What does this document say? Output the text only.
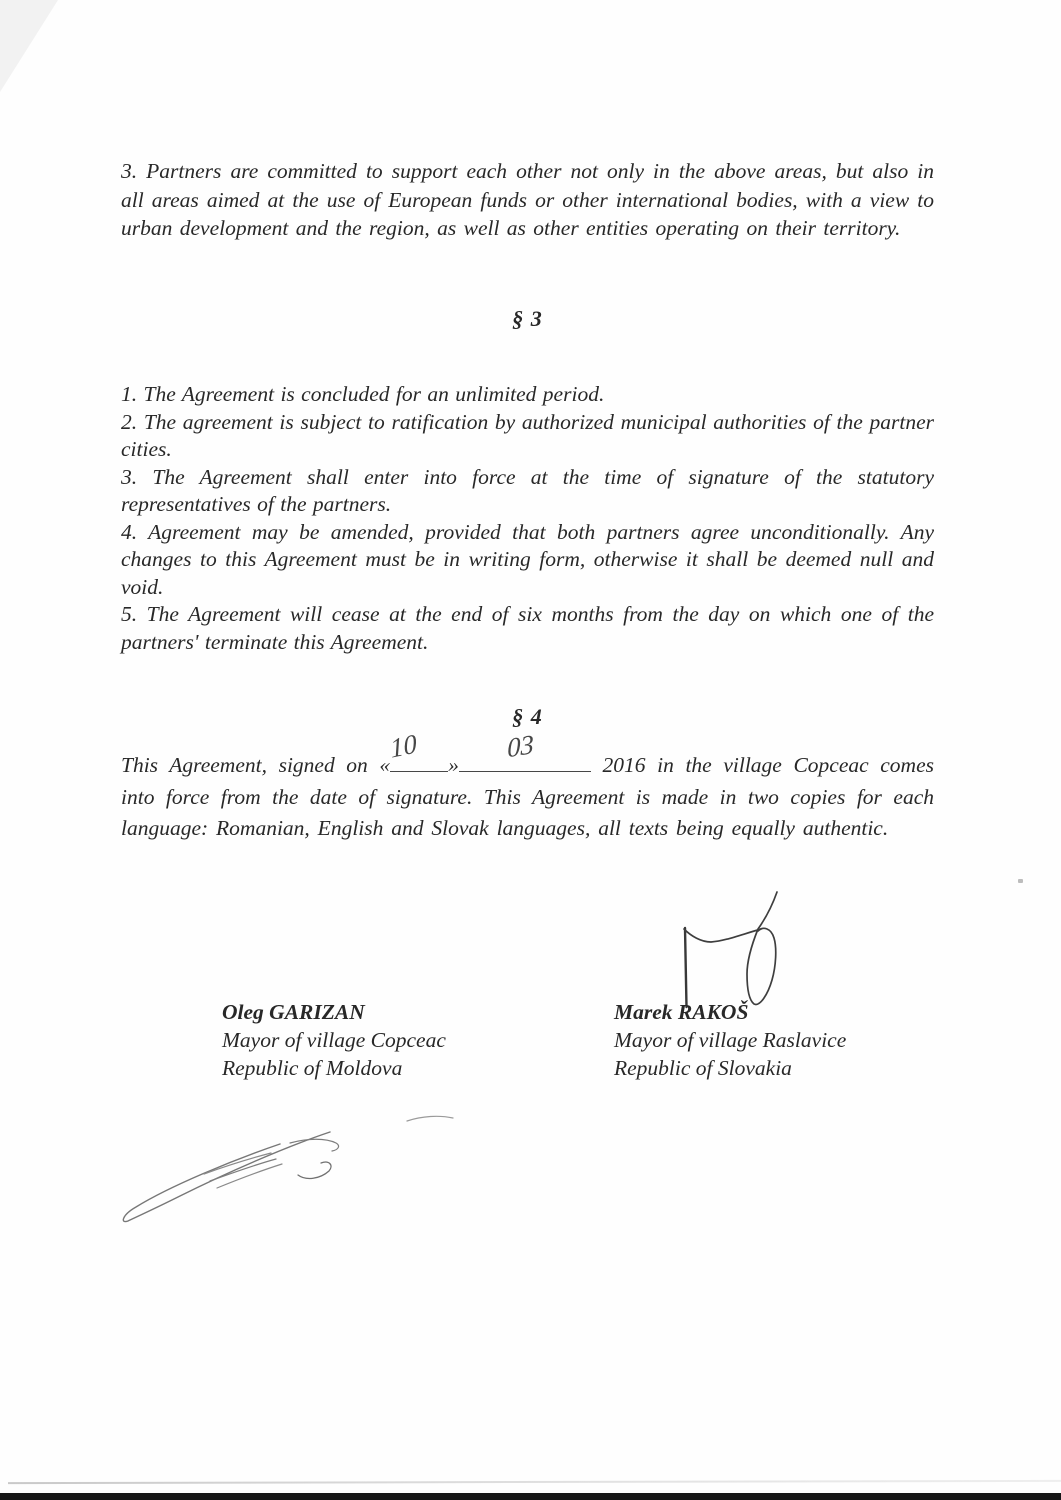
3. Partners are committed to support each other not only in the above areas, but also in all areas aimed at the use of European funds or other international bodies, with a view to urban development and the region, as well as other entities operating on their territory.

§ 3

1. The Agreement is concluded for an unlimited period.

2. The agreement is subject to ratification by authorized municipal authorities of the partner cities.

3. The Agreement shall enter into force at the time of signature of the statutory representatives of the partners.

4. Agreement may be amended, provided that both partners agree unconditionally. Any changes to this Agreement must be in writing form, otherwise it shall be deemed null and void.

5. The Agreement will cease at the end of six months from the day on which one of the partners' terminate this Agreement.

§ 4

This Agreement, signed on «
10
»
03
2016 in the village Copceac comes into force from the date of signature. This Agreement is made in two copies for each language: Romanian, English and Slovak languages, all texts being equally authentic.

Oleg GARIZAN

Mayor of village Copceac

Republic of Moldova

Marek RAKOŠ

Mayor of village Raslavice

Republic of Slovakia
